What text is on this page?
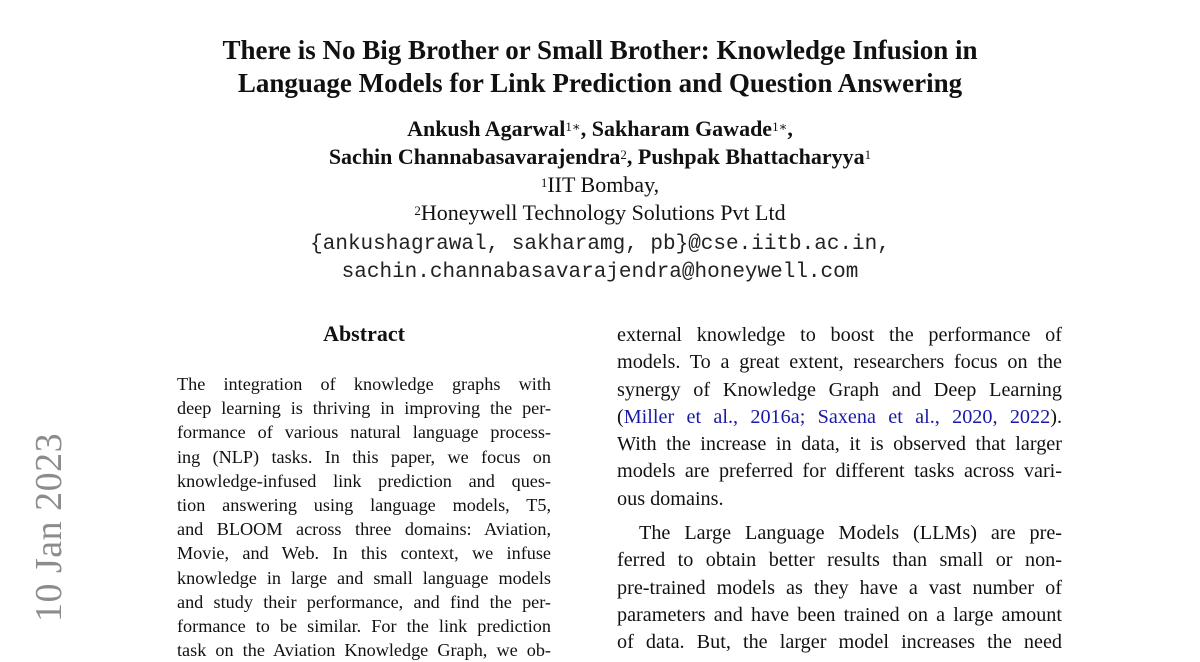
10 Jan 2023
There is No Big Brother or Small Brother: Knowledge Infusion in
Language Models for Link Prediction and Question Answering
Ankush Agarwal$^{1∗}$, Sakharam Gawade$^{1∗}$,
Sachin Channabasavarajendra$^2$, Pushpak Bhattacharyya$^1$
$^1$IIT Bombay,
$^2$Honeywell Technology Solutions Pvt Ltd
{ankushagrawal, sakharamg, pb}@cse.iitb.ac.in,
sachin.channabasavarajendra@honeywell.com
Abstract
The integration of knowledge graphs with
deep learning is thriving in improving the per-
formance of various natural language process-
ing (NLP) tasks. In this paper, we focus on
knowledge-infused link prediction and ques-
tion answering using language models, T5,
and BLOOM across three domains: Aviation,
Movie, and Web. In this context, we infuse
knowledge in large and small language models
and study their performance, and find the per-
formance to be similar. For the link prediction
task on the Aviation Knowledge Graph, we ob-
external knowledge to boost the performance of
models. To a great extent, researchers focus on the
synergy of Knowledge Graph and Deep Learning
(Miller et al., 2016a; Saxena et al., 2020, 2022).
With the increase in data, it is observed that larger
models are preferred for different tasks across vari-
ous domains.
The Large Language Models (LLMs) are pre-
ferred to obtain better results than small or non-
pre-trained models as they have a vast number of
parameters and have been trained on a large amount
of data. But, the larger model increases the need
